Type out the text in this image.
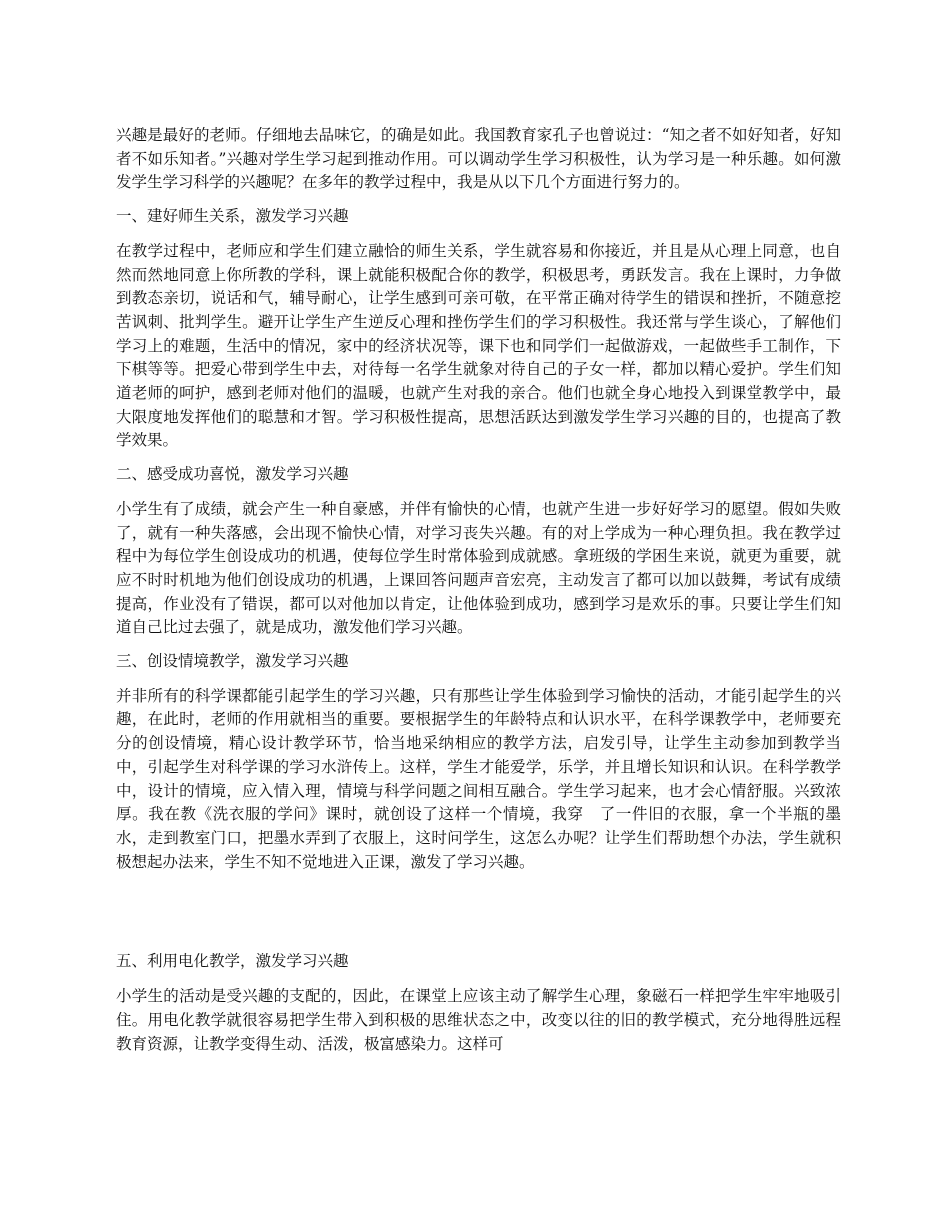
兴趣是最好的老师。仔细地去品味它，的确是如此。我国教育家孔子也曾说过：“知之者不如好知者，好知者不如乐知者。”兴趣对学生学习起到推动作用。可以调动学生学习积极性，认为学习是一种乐趣。如何激发学生学习科学的兴趣呢？在多年的教学过程中，我是从以下几个方面进行努力的。

一、建好师生关系，激发学习兴趣

在教学过程中，老师应和学生们建立融恰的师生关系，学生就容易和你接近，并且是从心理上同意，也自然而然地同意上你所教的学科，课上就能积极配合你的教学，积极思考，勇跃发言。我在上课时，力争做到教态亲切，说话和气，辅导耐心，让学生感到可亲可敬，在平常正确对待学生的错误和挫折，不随意挖苦讽刺、批判学生。避开让学生产生逆反心理和挫伤学生们的学习积极性。我还常与学生谈心，了解他们学习上的难题，生活中的情况，家中的经济状况等，课下也和同学们一起做游戏，一起做些手工制作，下下棋等等。把爱心带到学生中去，对待每一名学生就象对待自己的子女一样，都加以精心爱护。学生们知道老师的呵护，感到老师对他们的温暖，也就产生对我的亲合。他们也就全身心地投入到课堂教学中，最大限度地发挥他们的聪慧和才智。学习积极性提高，思想活跃达到激发学生学习兴趣的目的，也提高了教学效果。

二、感受成功喜悦，激发学习兴趣

小学生有了成绩，就会产生一种自豪感，并伴有愉快的心情，也就产生进一步好好学习的愿望。假如失败了，就有一种失落感，会出现不愉快心情，对学习丧失兴趣。有的对上学成为一种心理负担。我在教学过程中为每位学生创设成功的机遇，使每位学生时常体验到成就感。拿班级的学困生来说，就更为重要，就应不时时机地为他们创设成功的机遇，上课回答问题声音宏亮，主动发言了都可以加以鼓舞，考试有成绩提高，作业没有了错误，都可以对他加以肯定，让他体验到成功，感到学习是欢乐的事。只要让学生们知道自己比过去强了，就是成功，激发他们学习兴趣。

三、创设情境教学，激发学习兴趣

并非所有的科学课都能引起学生的学习兴趣，只有那些让学生体验到学习愉快的活动，才能引起学生的兴趣，在此时，老师的作用就相当的重要。要根据学生的年龄特点和认识水平，在科学课教学中，老师要充分的创设情境，精心设计教学环节，恰当地采纳相应的教学方法，启发引导，让学生主动参加到教学当中，引起学生对科学课的学习水浒传上。这样，学生才能爱学，乐学，并且增长知识和认识。在科学教学中，设计的情境，应入情入理，情境与科学问题之间相互融合。学生学习起来，也才会心情舒服。兴致浓厚。我在教《洗衣服的学问》课时，就创设了这样一个情境，我穿　了一件旧的衣服，拿一个半瓶的墨水，走到教室门口，把墨水弄到了衣服上，这时问学生，这怎么办呢？让学生们帮助想个办法，学生就积极想起办法来，学生不知不觉地进入正课，激发了学习兴趣。

五、利用电化教学，激发学习兴趣

小学生的活动是受兴趣的支配的，因此，在课堂上应该主动了解学生心理，象磁石一样把学生牢牢地吸引住。用电化教学就很容易把学生带入到积极的思维状态之中，改变以往的旧的教学模式，充分地得胜远程教育资源，让教学变得生动、活泼，极富感染力。这样可
